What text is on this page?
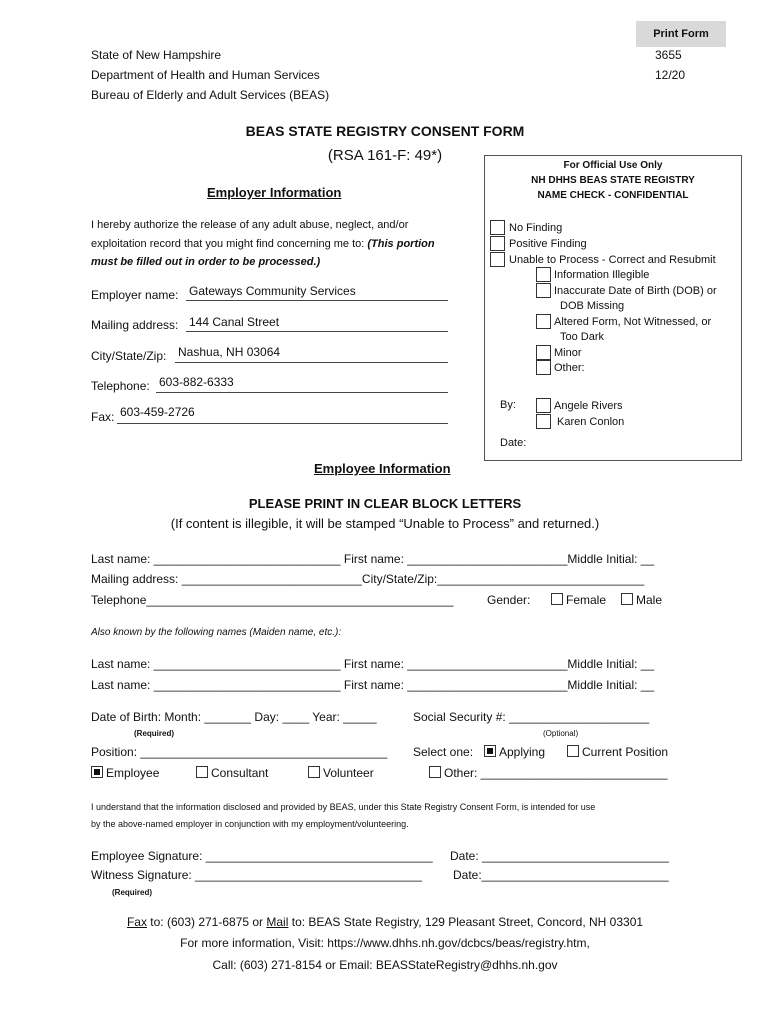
Print Form
State of New Hampshire
Department of Health and Human Services
Bureau of Elderly and Adult Services (BEAS)
3655
12/20
BEAS STATE REGISTRY CONSENT FORM
(RSA 161-F: 49*)
Employer Information
I hereby authorize the release of any adult abuse, neglect, and/or
exploitation record that you might find concerning me to: (This portion
must be filled out in order to be processed.)
Employer name: Gateways Community Services
Mailing address: 144 Canal Street
City/State/Zip: Nashua, NH 03064
Telephone: 603-882-6333
Fax: 603-459-2726
For Official Use Only
NH DHHS BEAS STATE REGISTRY
NAME CHECK - CONFIDENTIAL
No Finding
Positive Finding
Unable to Process - Correct and Resubmit
Information Illegible
Inaccurate Date of Birth (DOB) or
DOB Missing
Altered Form, Not Witnessed, or
Too Dark
Minor
Other:
By:	Angele Rivers
Karen Conlon
Date:
Employee Information
PLEASE PRINT IN CLEAR BLOCK LETTERS
(If content is illegible, it will be stamped “Unable to Process” and returned.)
Last name: ____________________________ First name: ________________________Middle Initial: __
Mailing address: ___________________________City/State/Zip:_______________________________
Telephone______________________________________________	Gender:	Female	Male
Also known by the following names (Maiden name, etc.):
Last name: ____________________________ First name: ________________________Middle Initial: __
Last name: ____________________________ First name: ________________________Middle Initial: __
Date of Birth: Month: _______ Day: ____ Year: _____	Social Security #: _____________________
(Required)	(Optional)
Position: _____________________________________ Select one:	Applying	Current Position
Employee	Consultant	Volunteer	Other: ____________________________
I understand that the information disclosed and provided by BEAS, under this State Registry Consent Form, is intended for use
by the above-named employer in conjunction with my employment/volunteering.
Employee Signature: __________________________________ Date: ____________________________
Witness Signature: __________________________________	Date:____________________________
(Required)
Fax to: (603) 271-6875 or Mail to: BEAS State Registry, 129 Pleasant Street, Concord, NH 03301
For more information, Visit: https://www.dhhs.nh.gov/dcbcs/beas/registry.htm,
Call: (603) 271-8154 or Email: BEASStateRegistry@dhhs.nh.gov
